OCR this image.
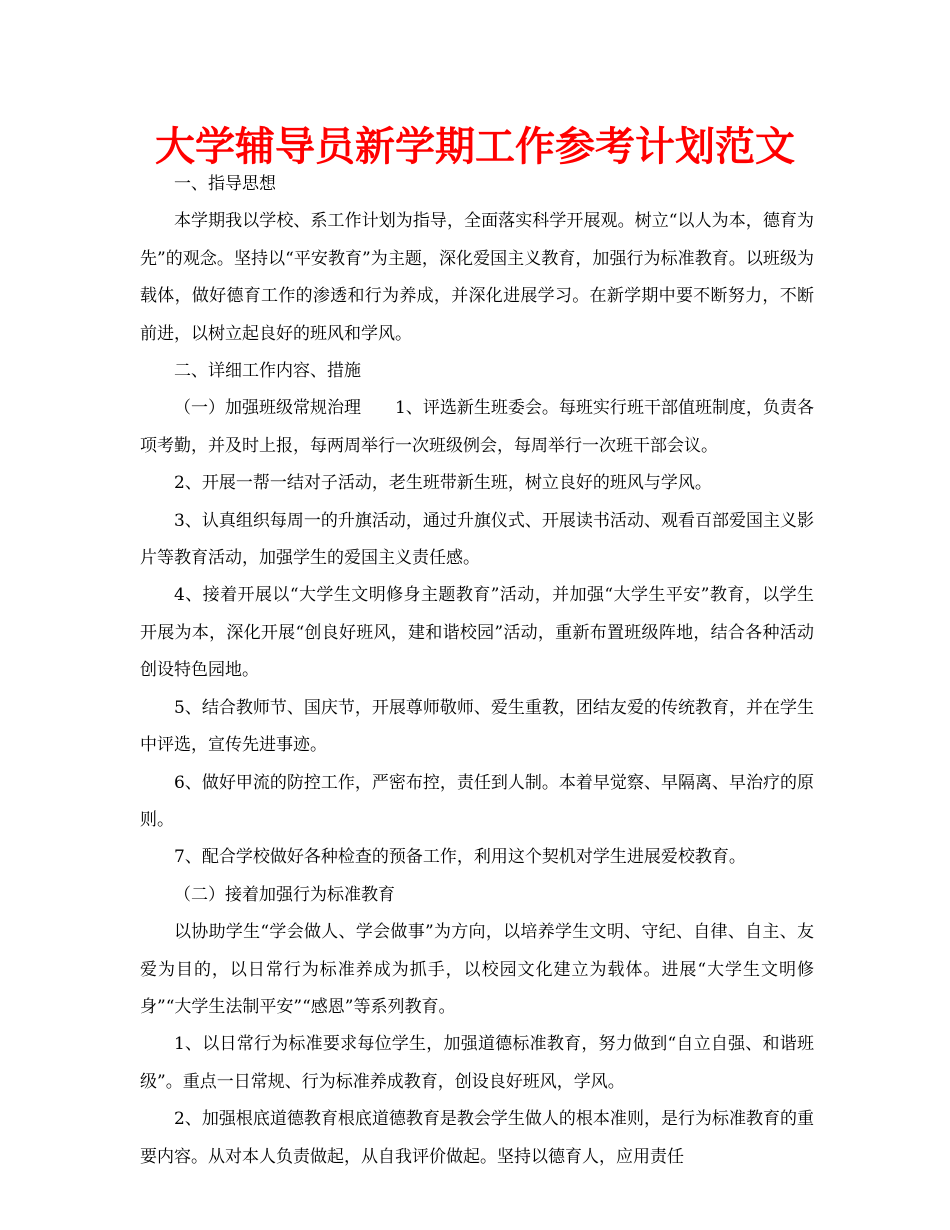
大学辅导员新学期工作参考计划范文

一、指导思想

本学期我以学校、系工作计划为指导，全面落实科学开展观。树立“以人为本，德育为先”的观念。坚持以“平安教育”为主题，深化爱国主义教育，加强行为标准教育。以班级为载体，做好德育工作的渗透和行为养成，并深化进展学习。在新学期中要不断努力，不断前进，以树立起良好的班风和学风。

二、详细工作内容、措施

（一）加强班级常规治理　　1、评选新生班委会。每班实行班干部值班制度，负责各项考勤，并及时上报，每两周举行一次班级例会，每周举行一次班干部会议。

2、开展一帮一结对子活动，老生班带新生班，树立良好的班风与学风。

3、认真组织每周一的升旗活动，通过升旗仪式、开展读书活动、观看百部爱国主义影片等教育活动，加强学生的爱国主义责任感。

4、接着开展以“大学生文明修身主题教育”活动，并加强“大学生平安”教育，以学生开展为本，深化开展“创良好班风，建和谐校园”活动，重新布置班级阵地，结合各种活动创设特色园地。

5、结合教师节、国庆节，开展尊师敬师、爱生重教，团结友爱的传统教育，并在学生中评选，宣传先进事迹。

6、做好甲流的防控工作，严密布控，责任到人制。本着早觉察、早隔离、早治疗的原则。

7、配合学校做好各种检查的预备工作，利用这个契机对学生进展爱校教育。

（二）接着加强行为标准教育

以协助学生“学会做人、学会做事”为方向，以培养学生文明、守纪、自律、自主、友爱为目的，以日常行为标准养成为抓手，以校园文化建立为载体。进展“大学生文明修身”“大学生法制平安”“感恩”等系列教育。

1、以日常行为标准要求每位学生，加强道德标准教育，努力做到“自立自强、和谐班级”。重点一日常规、行为标准养成教育，创设良好班风，学风。

2、加强根底道德教育根底道德教育是教会学生做人的根本准则，是行为标准教育的重要内容。从对本人负责做起，从自我评价做起。坚持以德育人，应用责任
